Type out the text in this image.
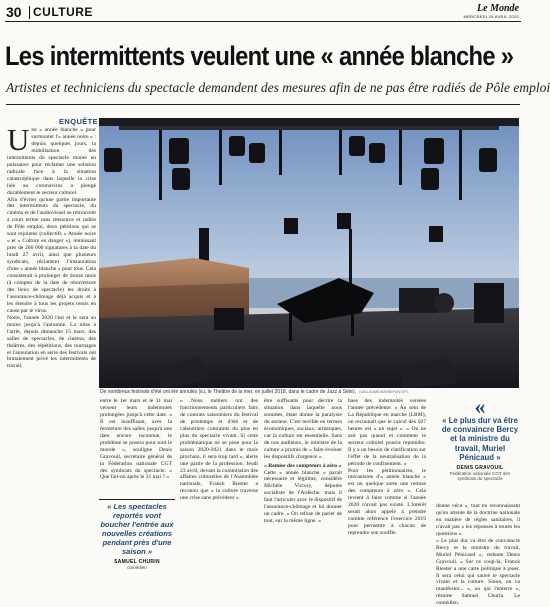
30 CULTURE	Le Monde
MERCREDI 29 AVRIL 2020
Les intermittents veulent une « année blanche »

Artistes et techniciens du spectacle demandent des mesures afin de ne pas être radiés de Pôle emploi

ENQUÊTE
U ne « année blanche » pour surmonter l'« année noire » : depuis quelques jours, la mobilisation des intermittents du spectacle monte en puissance pour réclamer une solution radicale face à la situation catastrophique dans laquelle la crise liée au coronavirus a plongé durablement le secteur culturel.

Afin d'éviter qu'une partie importante des intermittents du spectacle, du cinéma et de l'audiovisuel se retrouvent à court terme sans ressource et radiés de Pôle emploi, deux pétitions qui se sont rejointes (collectifs « Année noire » et « Culture en danger »), réunissant près de 200 000 signatures à la date du lundi 27 avril, ainsi que plusieurs syndicats, réclament l'instauration d'une « année blanche » pour tous. Cela consisterait à prolonger de douze mois (à compter de la date de réouverture des lieux de spectacle) les droits à l'assurance-chômage déjà acquis et à les étendre à tous les projets remis en cause par le virus.

Notre, l'année 2020 l'est et le sera au moins jusqu'à l'automne. La mise à l'arrêt, depuis dimanche 15 mars, des salles de spectacles, de cinéma, des théâtres, des répétitions, des tournages et l'annulation en série des festivals ont brutalement privé les intermittents de travail.

De nombreux festivals d'été ont été annulés (ici, le Théâtre de la mer, en juillet 2018, dans le cadre de Jazz à Sète). GUILLAUME BONNEFONT/IP3

entre le 1er mars et le 31 mai versent leurs indemnités prolongées jusqu'à cette date. « Il est insuffisant, avec la fermeture des salles jusqu'à une date encore inconnue, le problème se posera pour tout le monde », souligne Denis Gravouil, secrétaire général de la Fédération nationale CGT des syndicats du spectacle. « Que fait-on après le 31 mai ? »

« Les spectacles reportés vont boucher l'entrée aux nouvelles créations pendant près d'une saison »
SAMUEL CHURIN
comédien

« Nous métiers ont des fonctionnements particuliers faits de contrats saisonniers du festival de printemps et d'été et de calendriers contraints du plus en plus du spectacle vivant. Si cette problématique ne se pose pour la saison 2020-2021 dans le mois prochain, il sera trop tard », alerte une partie de la profession. Jeudi 23 avril, devant la commission des affaires culturelles de l'Assemblée nationale, Franck Riester a reconnu que « la culture traverse une crise sans précédent ».

être suffisants pour décrire la situation dans laquelle nous sommes, étant donné la paralysie du secteur. C'est terrible en termes économiques, sociaux, artistiques, car la culture est essentielle. Sans de nos auditeurs, le ministre de la culture a promis de « faire évoluer les dispositifs d'urgence ».

« Remise des compteurs à zéro »

Cette « année blanche » paraît nécessaire et légitime, considère Michèle Victory, députée socialiste de l'Ardèche, mais il faut l'articuler avec le dispositif de l'assurance-chômage et lui donner un cadre. « On refuse de parler de tout, sur la même ligne. »

base des indemnités versées l'année précédente. « Au sein de La République en marche (LRM), on reconnaît que le calcul des 507 heures est « un sujet ». « On ne sait pas quand et comment le secteur culturel pourra reprendre. Il y a un besoin de clarification sur l'effet de la neutralisation de la période de confinement. »

Pour les pétitionnaires, le mécanisme d'« année blanche » est un quelque sorte une remise des compteurs à zéro ». Cela revient à faire comme si l'année 2020 n'avait pas existé. L'intérêt serait alors appelé à prendre comme référence l'exercice 2019 pour permettre à chacun de reprendre son souffle.

«
« Le plus dur va être de convaincre Bercy et la ministre du travail, Muriel Pénicaud »
DENIS GRAVOUIL
Fédération nationale CGT des syndicats du spectacle

donne vécu », tout en reconnaissant qu'on attente de la doctrine nationale en matière de règles sanitaires, il n'avait pas « les réponses à toutes les questions ».

« Le plus dur va être de convaincre Bercy et la ministre du travail, Muriel Pénicaud », redoute Denis Gravouil. « Sur ce coup-là, Franck Riester a une carte politique à jouer. Il sera celui qui sauvé le spectacle vivant et la culture. Sinon, on va manifester... », ou qui l'enterre », résume Samuel Churin. Le comédien.
